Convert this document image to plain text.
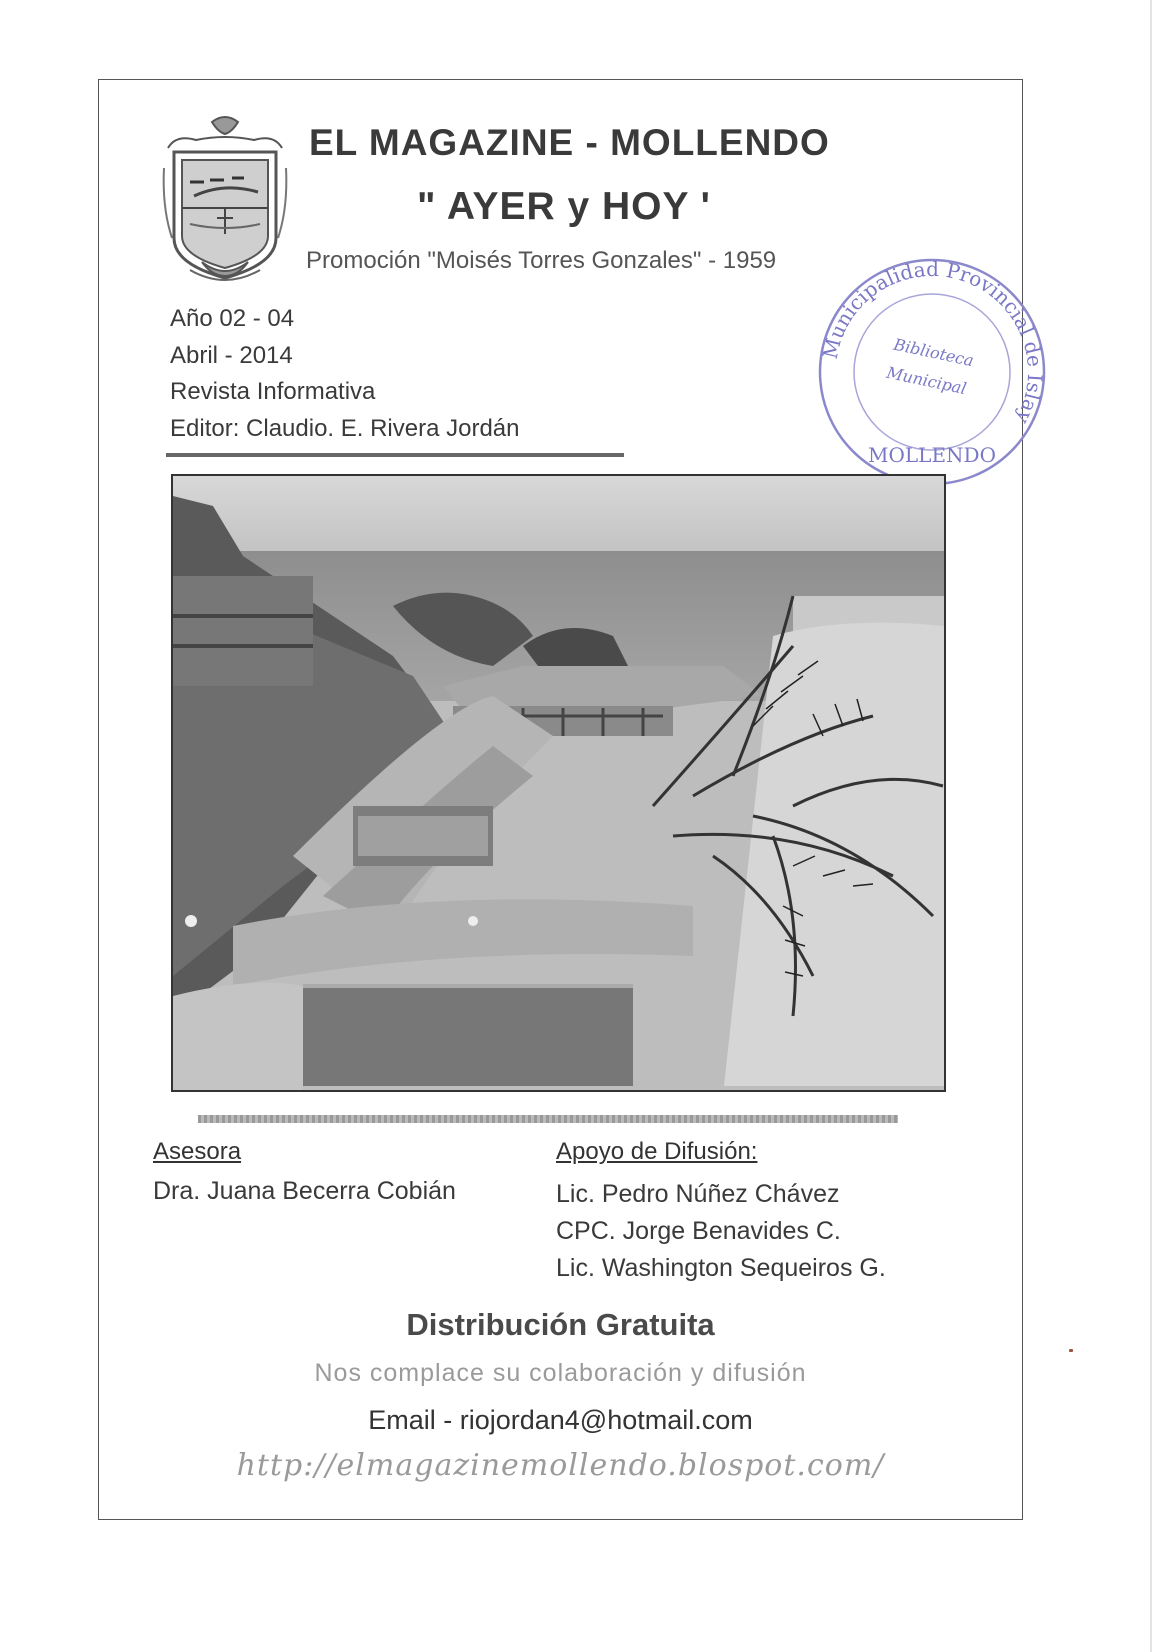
EL MAGAZINE - MOLLENDO
" AYER y HOY '
Promoción "Moisés Torres Gonzales" - 1959
Año 02 - 04
Abril - 2014
Revista Informativa
Editor: Claudio. E. Rivera Jordán
Municipalidad Provincial de Islay
MOLLENDO
Biblioteca
Municipal
Asesora
Dra. Juana Becerra Cobián
Apoyo de Difusión:
Lic. Pedro Núñez Chávez
CPC. Jorge Benavides C.
Lic. Washington Sequeiros G.
Distribución Gratuita
Nos complace su colaboración y difusión
Email - riojordan4@hotmail.com
http://elmagazinemollendo.blospot.com/
